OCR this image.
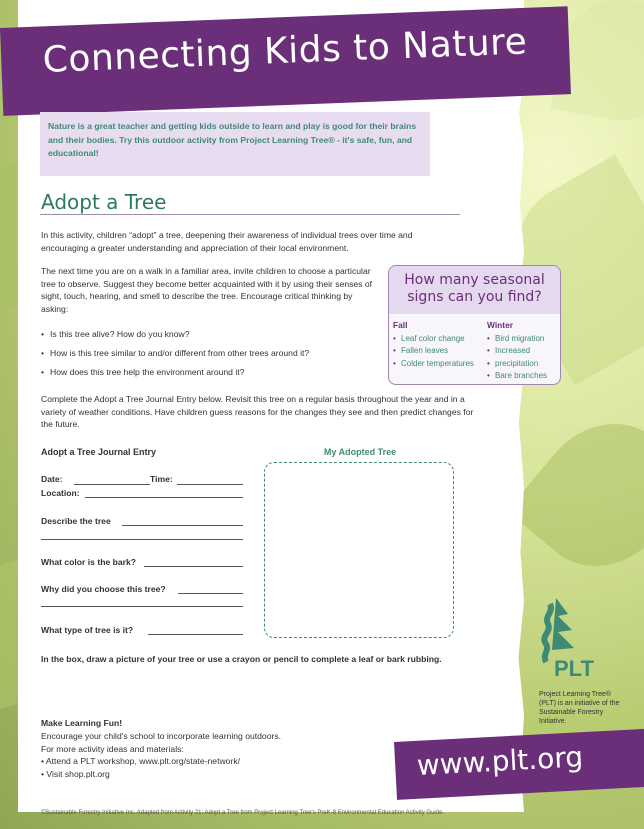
Connecting Kids to Nature
Nature is a great teacher and getting kids outside to learn and play is good for their brains and their bodies. Try this outdoor activity from Project Learning Tree® - it's safe, fun, and educational!
Adopt a Tree
In this activity, children “adopt” a tree, deepening their awareness of individual trees over time and encouraging a greater understanding and appreciation of their local environment.
The next time you are on a walk in a familiar area, invite children to choose a particular tree to observe. Suggest they become better acquainted with it by using their senses of sight, touch, hearing, and smell to describe the tree. Encourage critical thinking by asking:
• Is this tree alive? How do you know?
• How is this tree similar to and/or different from other trees around it?
• How does this tree help the environment around it?
Complete the Adopt a Tree Journal Entry below. Revisit this tree on a regular basis throughout the year and in a variety of weather conditions. Have children guess reasons for the changes they see and then predict changes for the future.
How many seasonal
signs can you find?
Fall
• Leaf color change
• Fallen leaves
• Colder temperatures
Winter
• Bird migration
• Increased
• precipitation
• Bare branches
Adopt a Tree Journal Entry
Date:	Time:
Location:
Describe the tree
What color is the bark?
Why did you choose this tree?
What type of tree is it?
My Adopted Tree
In the box, draw a picture of your tree or use a crayon or pencil to complete a leaf or bark rubbing.
Make Learning Fun!
Encourage your child's school to incorporate learning outdoors.
For more activity ideas and materials:
• Attend a PLT workshop, www.plt.org/state-network/
• Visit shop.plt.org
©Sustainable Forestry Initiative Inc. Adapted from Activity 21: Adopt a Tree from Project Learning Tree's PreK-8 Environmental Education Activity Guide.
PLT
Project Learning Tree® (PLT) is an initiative of the Sustainable Forestry Initiative.
www.plt.org
